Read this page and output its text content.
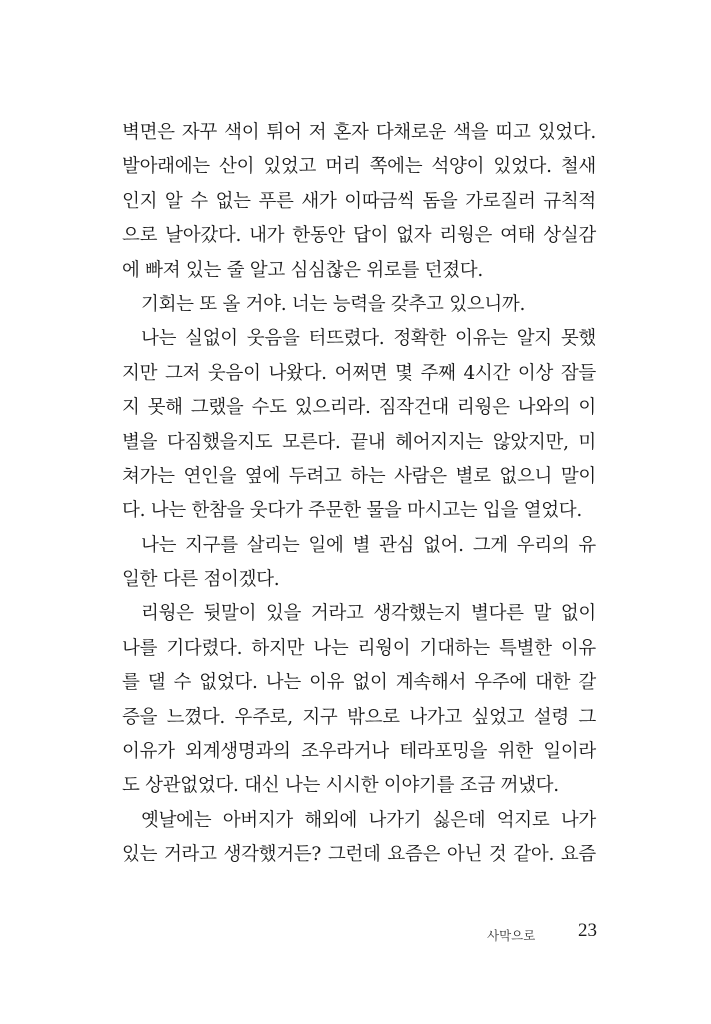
벽면은 자꾸 색이 튀어 저 혼자 다채로운 색을 띠고 있었다.
발아래에는 산이 있었고 머리 쪽에는 석양이 있었다. 철새
인지 알 수 없는 푸른 새가 이따금씩 돔을 가로질러 규칙적
으로 날아갔다. 내가 한동안 답이 없자 리웡은 여태 상실감
에 빠져 있는 줄 알고 심심찮은 위로를 던졌다.
기회는 또 올 거야. 너는 능력을 갖추고 있으니까.
나는 실없이 웃음을 터뜨렸다. 정확한 이유는 알지 못했
지만 그저 웃음이 나왔다. 어쩌면 몇 주째 4시간 이상 잠들
지 못해 그랬을 수도 있으리라. 짐작건대 리웡은 나와의 이
별을 다짐했을지도 모른다. 끝내 헤어지지는 않았지만, 미
쳐가는 연인을 옆에 두려고 하는 사람은 별로 없으니 말이
다. 나는 한참을 웃다가 주문한 물을 마시고는 입을 열었다.
나는 지구를 살리는 일에 별 관심 없어. 그게 우리의 유
일한 다른 점이겠다.
리웡은 뒷말이 있을 거라고 생각했는지 별다른 말 없이
나를 기다렸다. 하지만 나는 리웡이 기대하는 특별한 이유
를 댈 수 없었다. 나는 이유 없이 계속해서 우주에 대한 갈
증을 느꼈다. 우주로, 지구 밖으로 나가고 싶었고 설령 그
이유가 외계생명과의 조우라거나 테라포밍을 위한 일이라
도 상관없었다. 대신 나는 시시한 이야기를 조금 꺼냈다.
옛날에는 아버지가 해외에 나가기 싫은데 억지로 나가
있는 거라고 생각했거든? 그런데 요즘은 아닌 것 같아. 요즘
사막으로 23
